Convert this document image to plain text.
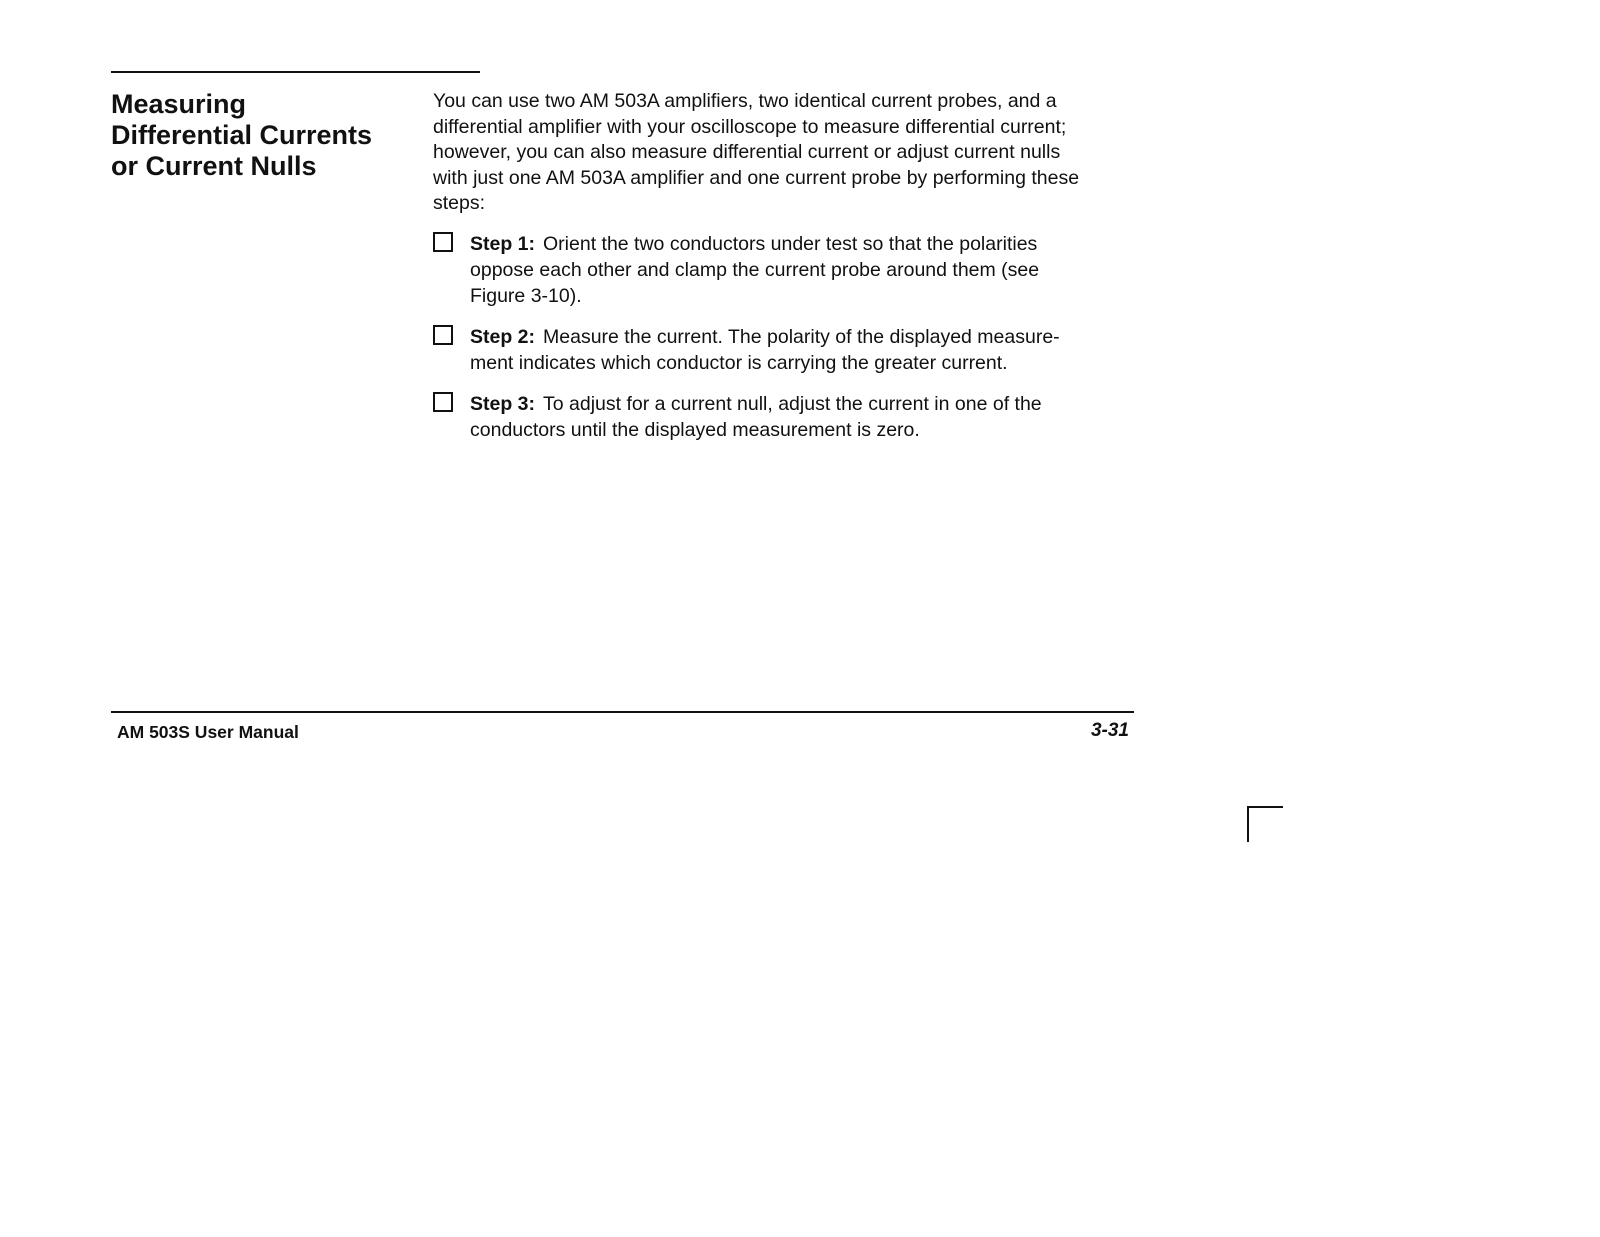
Measuring
Differential Currents
or Current Nulls

You can use two AM 503A amplifiers, two identical current probes, and a
differential amplifier with your oscilloscope to measure differential current;
however, you can also measure differential current or adjust current nulls
with just one AM 503A amplifier and one current probe by performing these
steps:

Step 1: Orient the two conductors under test so that the polarities
oppose each other and clamp the current probe around them (see
Figure 3-10).
Step 2: Measure the current. The polarity of the displayed measure-
ment indicates which conductor is carrying the greater current.
Step 3: To adjust for a current null, adjust the current in one of the
conductors until the displayed measurement is zero.
AM 503S User Manual	3-31
